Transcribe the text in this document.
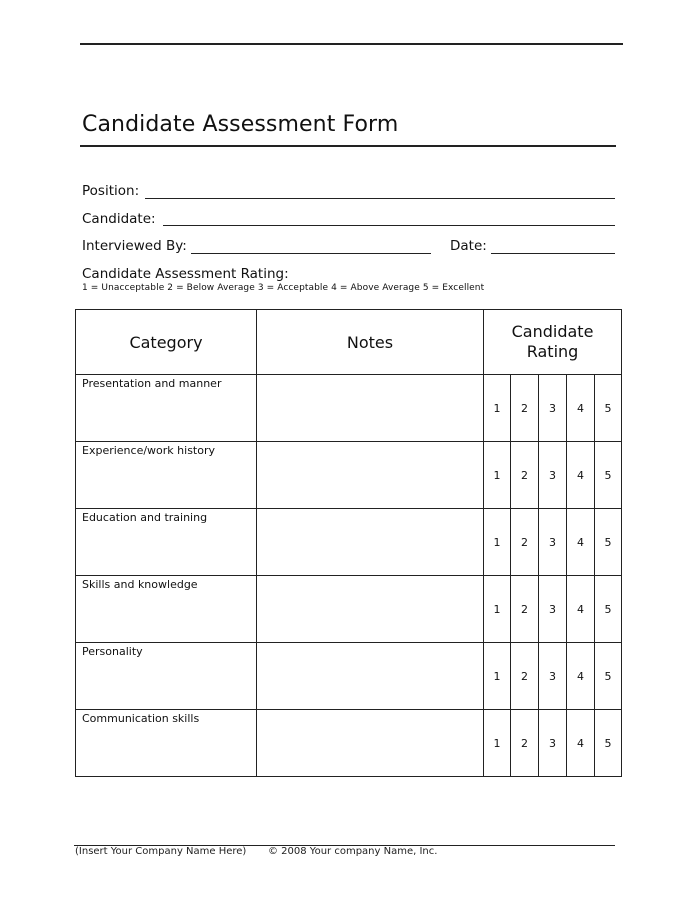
Candidate Assessment Form
Position:
Candidate:
Interviewed By:	Date:
Candidate Assessment Rating:
1 = Unacceptable 2 = Below Average 3 = Acceptable 4 = Above Average 5 = Excellent
Category	Notes	Candidate
Rating				

Presentation and manner		1	2	3	4	5
Experience/work history		1	2	3	4	5
Education and training		1	2	3	4	5
Skills and knowledge		1	2	3	4	5
Personality		1	2	3	4	5
Communication skills		1	2	3	4	5
(Insert Your Company Name Here) © 2008 Your company Name, Inc.
